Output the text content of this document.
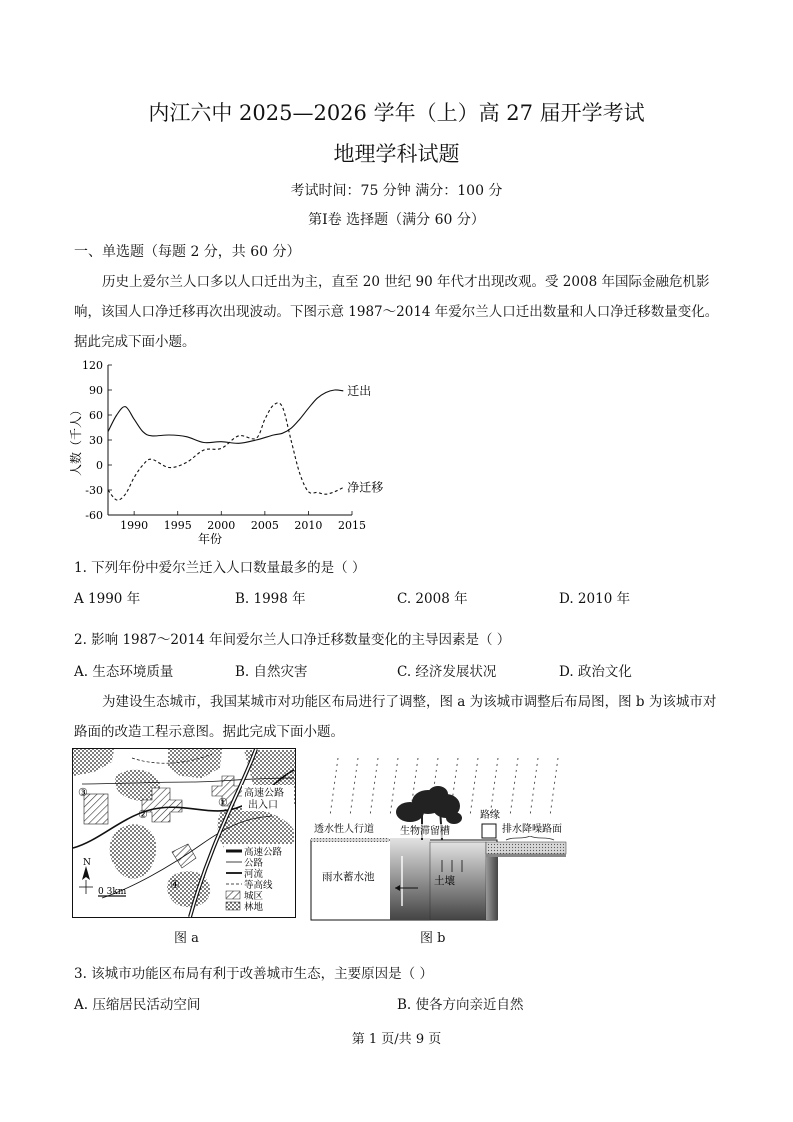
内江六中 2025—2026 学年（上）高 27 届开学考试
地理学科试题
考试时间：75 分钟 满分：100 分
第Ⅰ卷 选择题（满分 60 分）
一、单选题（每题 2 分，共 60 分）
历史上爱尔兰人口多以人口迁出为主，直至 20 世纪 90 年代才出现改观。受 2008 年国际金融危机影响，该国人口净迁移再次出现波动。下图示意 1987～2014 年爱尔兰人口迁出数量和人口净迁移数量变化。据此完成下面小题。
120
90
60
30
0
-30
-60
1990 1995 2000 2005 2010 2015
迁出
净迁移
人数（千人）
年份
1. 下列年份中爱尔兰迁入人口数量最多的是（ ）
A 1990 年	B. 1998 年	C. 2008 年	D. 2010 年
2. 影响 1987～2014 年间爱尔兰人口净迁移数量变化的主导因素是（ ）
A. 生态环境质量	B. 自然灾害	C. 经济发展状况	D. 政治文化
为建设生态城市，我国某城市对功能区布局进行了调整，图 a 为该城市调整后布局图，图 b 为该城市对路面的改造工程示意图。据此完成下面小题。
③
②
①
④
高速公路
出入口
高速公路
公路
河流
等高线
城区
林地
N
0 3km
图 a
透水性人行道	生物滞留槽
路缘
排水降噪路面
雨水蓄水池	土壤
图 b
3. 该城市功能区布局有利于改善城市生态，主要原因是（ ）
A. 压缩居民活动空间	B. 使各方向亲近自然
第 1 页/共 9 页
